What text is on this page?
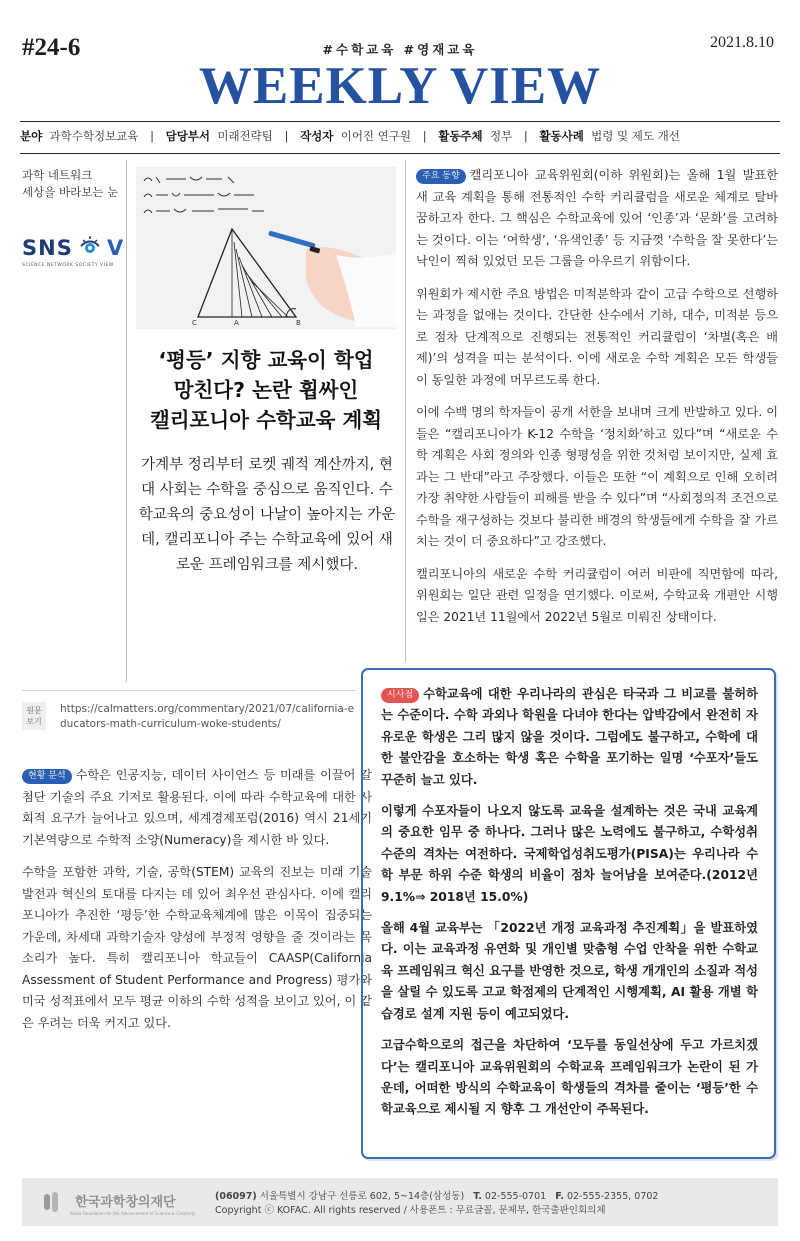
#24-6	#수학교육 #영재교육	2021.8.10
WEEKLY VIEW
분야 과학수학정보교육 | 담당부서 미래전략팀 | 작성자 이어진 연구원 | 활동주체 정부 | 활동사례 법령 및 제도 개선
과학 네트워크
세상을 바라보는 눈
SNS V
SCIENCE NETWORK SOCIETY VIEW
C	A	B
‘평등’ 지향 교육이 학업
망친다? 논란 휩싸인
캘리포니아 수학교육 계획
가계부 정리부터 로켓 궤적 계산까지, 현대 사회는 수학을 중심으로 움직인다. 수학교육의 중요성이 나날이 높아지는 가운데, 캘리포니아 주는 수학교육에 있어 새로운 프레임워크를 제시했다.

주요 동향 캘리포니아 교육위원회(이하 위원회)는 올해 1월 발표한 새 교육 계획을 통해 전통적인 수학 커리큘럼을 새로운 체계로 탈바꿈하고자 한다. 그 핵심은 수학교육에 있어 ‘인종’과 ‘문화’를 고려하는 것이다. 이는 ‘여학생’, ‘유색인종’ 등 지금껏 ‘수학을 잘 못한다’는 낙인이 찍혀 있었던 모든 그룹을 아우르기 위함이다.

위원회가 제시한 주요 방법은 미적분학과 같이 고급 수학으로 선행하는 과정을 없애는 것이다. 간단한 산수에서 기하, 대수, 미적분 등으로 점차 단계적으로 진행되는 전통적인 커리큘럼이 ‘차별(혹은 배제)’의 성격을 띠는 분석이다. 이에 새로운 수학 계획은 모든 학생들이 동일한 과정에 머무르도록 한다.

이에 수백 명의 학자들이 공개 서한을 보내며 크게 반발하고 있다. 이들은 “캘리포니아가 K-12 수학을 ‘정치화’하고 있다”며 “새로운 수학 계획은 사회 정의와 인종 형평성을 위한 것처럼 보이지만, 실제 효과는 그 반대”라고 주장했다. 이들은 또한 “이 계획으로 인해 오히려 가장 취약한 사람들이 피해를 받을 수 있다”며 “사회정의적 조건으로 수학을 재구성하는 것보다 불리한 배경의 학생들에게 수학을 잘 가르치는 것이 더 중요하다”고 강조했다.

캘리포니아의 새로운 수학 커리큘럼이 여러 비판에 직면함에 따라, 위원회는 일단 관련 일정을 연기했다. 이로써, 수학교육 개편안 시행일은 2021년 11월에서 2022년 5월로 미뤄진 상태이다.

원문 보기
https://calmatters.org/commentary/2021/07/california-educators-math-curriculum-woke-students/

현황 분석 수학은 인공지능, 데이터 사이언스 등 미래를 이끌어 갈 첨단 기술의 주요 기저로 활용된다. 이에 따라 수학교육에 대한 사회적 요구가 늘어나고 있으며, 세계경제포럼(2016) 역시 21세기 기본역량으로 수학적 소양(Numeracy)을 제시한 바 있다.

수학을 포함한 과학, 기술, 공학(STEM) 교육의 진보는 미래 기술 발전과 혁신의 토대를 다지는 데 있어 최우선 관심사다. 이에 캘리포니아가 추진한 ‘평등’한 수학교육체계에 많은 이목이 집중되는 가운데, 차세대 과학기술자 양성에 부정적 영향을 줄 것이라는 목소리가 높다. 특히 캘리포니아 학교들이 CAASP(California Assessment of Student Performance and Progress) 평가와 미국 성적표에서 모두 평균 이하의 수학 성적을 보이고 있어, 이 같은 우려는 더욱 커지고 있다.

시사점 수학교육에 대한 우리나라의 관심은 타국과 그 비교를 불허하는 수준이다. 수학 과외나 학원을 다녀야 한다는 압박감에서 완전히 자유로운 학생은 그리 많지 않을 것이다. 그럼에도 불구하고, 수학에 대한 불안감을 호소하는 학생 혹은 수학을 포기하는 일명 ‘수포자’들도 꾸준히 늘고 있다.

이렇게 수포자들이 나오지 않도록 교육을 설계하는 것은 국내 교육계의 중요한 임무 중 하나다. 그러나 많은 노력에도 불구하고, 수학성취 수준의 격차는 여전하다. 국제학업성취도평가(PISA)는 우리나라 수학 부문 하위 수준 학생의 비율이 점차 늘어남을 보여준다.(2012년 9.1%⇒ 2018년 15.0%)

올해 4월 교육부는 「2022년 개정 교육과정 추진계획」을 발표하였다. 이는 교육과정 유연화 및 개인별 맞춤형 수업 안착을 위한 수학교육 프레임워크 혁신 요구를 반영한 것으로, 학생 개개인의 소질과 적성을 살릴 수 있도록 고교 학점제의 단계적인 시행계획, AI 활용 개별 학습경로 설계 지원 등이 예고되었다.

고급수학으로의 접근을 차단하여 ‘모두를 동일선상에 두고 가르치겠다’는 캘리포니아 교육위원회의 수학교육 프레임워크가 논란이 된 가운데, 어떠한 방식의 수학교육이 학생들의 격차를 줄이는 ‘평등’한 수학교육으로 제시될 지 향후 그 개선안이 주목된다.

한국과학창의재단
Korea Foundation for the Advancement of Science & Creativity
(06097) 서울특별시 강남구 선릉로 602, 5~14층(삼성동) T. 02-555-0701 F. 02-555-2355, 0702
Copyright ⓒ KOFAC. All rights reserved / 사용폰트 : 무료글꼴, 문체부, 한국출판인회의체
